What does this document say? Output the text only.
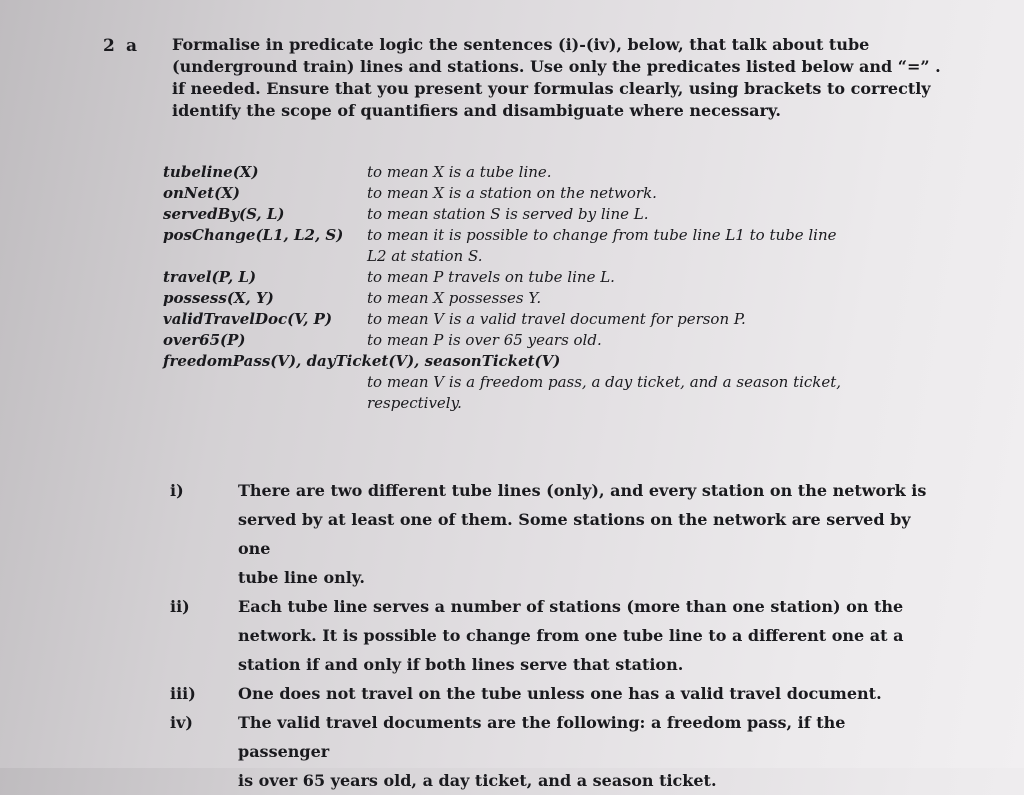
2 a Formalise in predicate logic the sentences (i)-(iv), below, that talk about tube
(underground train) lines and stations. Use only the predicates listed below and “=” .
if needed. Ensure that you present your formulas clearly, using brackets to correctly
identify the scope of quantifiers and disambiguate where necessary.
tubeline(X)	to mean X is a tube line.
onNet(X)	to mean X is a station on the network.
servedBy(S, L)	to mean station S is served by line L.
posChange(L1, L2, S)	to mean it is possible to change from tube line L1 to tube line
L2 at station S.
travel(P, L)	to mean P travels on tube line L.
possess(X, Y)	to mean X possesses Y.
validTravelDoc(V, P)	to mean V is a valid travel document for person P.
over65(P)	to mean P is over 65 years old.
freedomPass(V), dayTicket(V), seasonTicket(V)
to mean V is a freedom pass, a day ticket, and a season ticket,
respectively.
i)	There are two different tube lines (only), and every station on the network is
served by at least one of them. Some stations on the network are served by one
tube line only.
ii)	Each tube line serves a number of stations (more than one station) on the
network. It is possible to change from one tube line to a different one at a
station if and only if both lines serve that station.
iii)	One does not travel on the tube unless one has a valid travel document.
iv)	The valid travel documents are the following: a freedom pass, if the passenger
is over 65 years old, a day ticket, and a season ticket.
